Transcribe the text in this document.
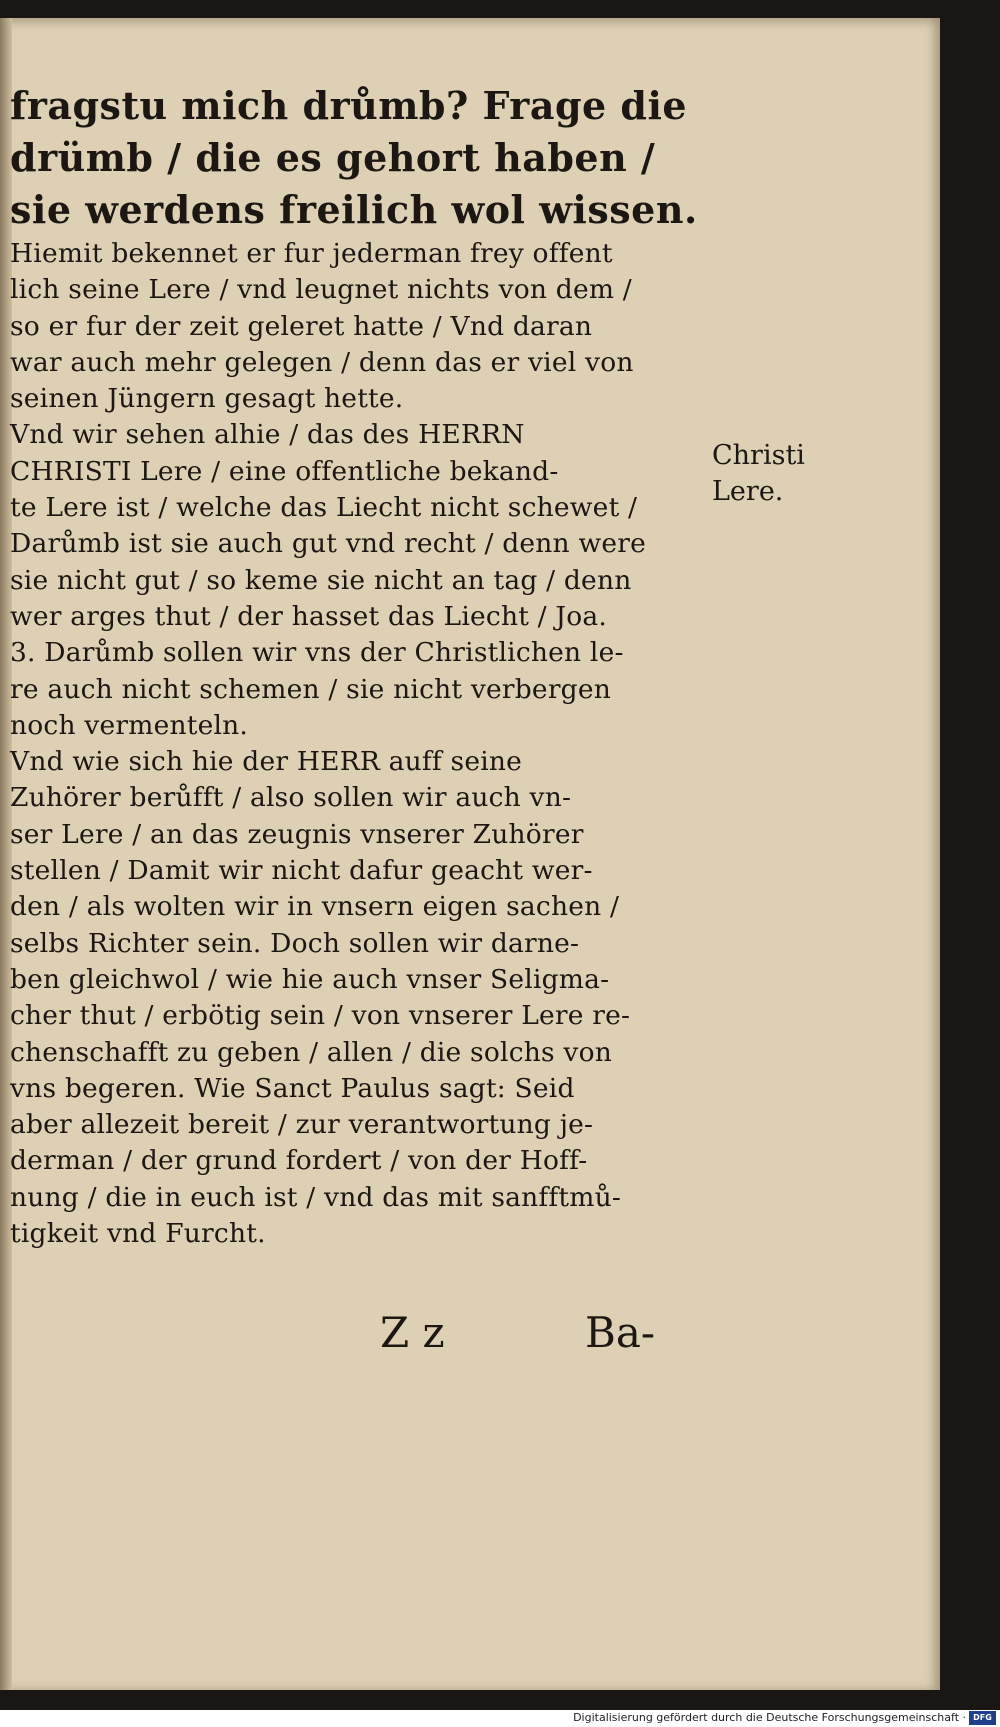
fragstu mich drůmb? Frage die
drümb / die es gehort haben /
sie werdens freilich wol wissen.
Hiemit bekennet er fur jederman frey offent
lich seine Lere / vnd leugnet nichts von dem /
so er fur der zeit geleret hatte / Vnd daran
war auch mehr gelegen / denn das er viel von
seinen Jüngern gesagt hette.
Vnd wir sehen alhie / das des HERRN
CHRISTI Lere / eine offentliche bekand-
te Lere ist / welche das Liecht nicht schewet /
Darůmb ist sie auch gut vnd recht / denn were
sie nicht gut / so keme sie nicht an tag / denn
wer arges thut / der hasset das Liecht / Joa.
3. Darůmb sollen wir vns der Christlichen le-
re auch nicht schemen / sie nicht verbergen
noch vermenteln.
Vnd wie sich hie der HERR auff seine
Zuhörer berůfft / also sollen wir auch vn-
ser Lere / an das zeugnis vnserer Zuhörer
stellen / Damit wir nicht dafur geacht wer-
den / als wolten wir in vnsern eigen sachen /
selbs Richter sein. Doch sollen wir darne-
ben gleichwol / wie hie auch vnser Seligma-
cher thut / erbötig sein / von vnserer Lere re-
chenschafft zu geben / allen / die solchs von
vns begeren. Wie Sanct Paulus sagt: Seid
aber allezeit bereit / zur verantwortung je-
derman / der grund fordert / von der Hoff-
nung / die in euch ist / vnd das mit sanfftmů-
tigkeit vnd Furcht.
Christi
Lere.
Z z	Ba-
Digitalisierung gefördert durch die Deutsche Forschungsgemeinschaft · DFG
